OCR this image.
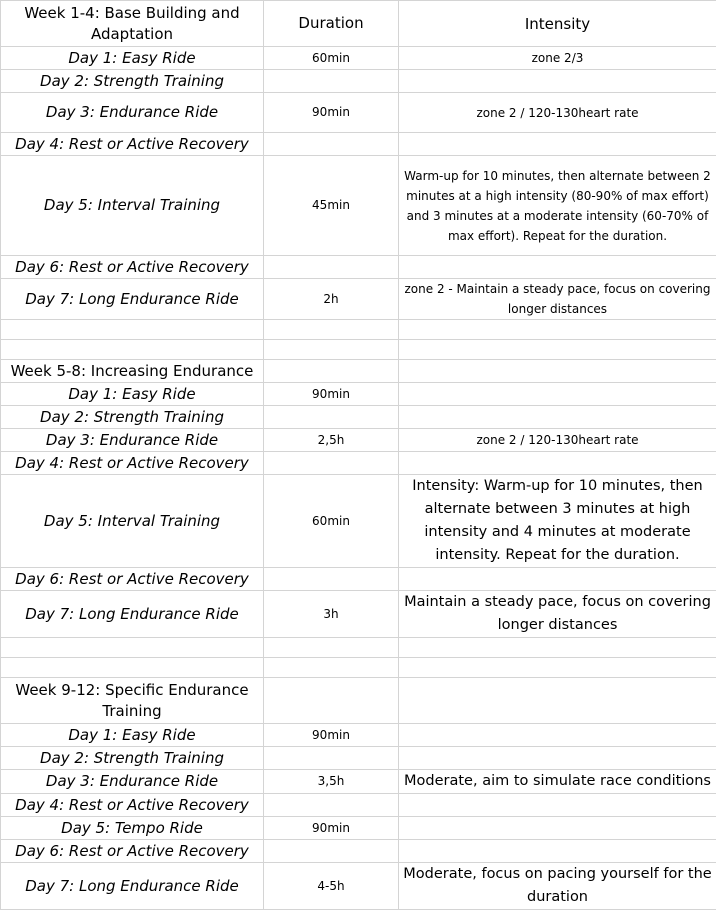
Week 1-4: Base Building and Adaptation	Duration	Intensity
Day 1: Easy Ride	60min	zone 2/3
Day 2: Strength Training		
Day 3: Endurance Ride	90min	zone 2 / 120-130heart rate
Day 4: Rest or Active Recovery		
Day 5: Interval Training	45min	Warm-up for 10 minutes, then alternate between 2 minutes at a high intensity (80-90% of max effort) and 3 minutes at a moderate intensity (60-70% of max effort). Repeat for the duration.
Day 6: Rest or Active Recovery		
Day 7: Long Endurance Ride	2h	zone 2 - Maintain a steady pace, focus on covering longer distances

Week 5-8: Increasing Endurance		
Day 1: Easy Ride	90min	
Day 2: Strength Training		
Day 3: Endurance Ride	2,5h	zone 2 / 120-130heart rate
Day 4: Rest or Active Recovery		
Day 5: Interval Training	60min	Intensity: Warm-up for 10 minutes, then alternate between 3 minutes at high intensity and 4 minutes at moderate intensity. Repeat for the duration.
Day 6: Rest or Active Recovery		
Day 7: Long Endurance Ride	3h	Maintain a steady pace, focus on covering longer distances

Week 9-12: Specific Endurance Training		
Day 1: Easy Ride	90min	
Day 2: Strength Training		
Day 3: Endurance Ride	3,5h	Moderate, aim to simulate race conditions
Day 4: Rest or Active Recovery		
Day 5: Tempo Ride	90min	
Day 6: Rest or Active Recovery		
Day 7: Long Endurance Ride	4-5h	Moderate, focus on pacing yourself for the duration
